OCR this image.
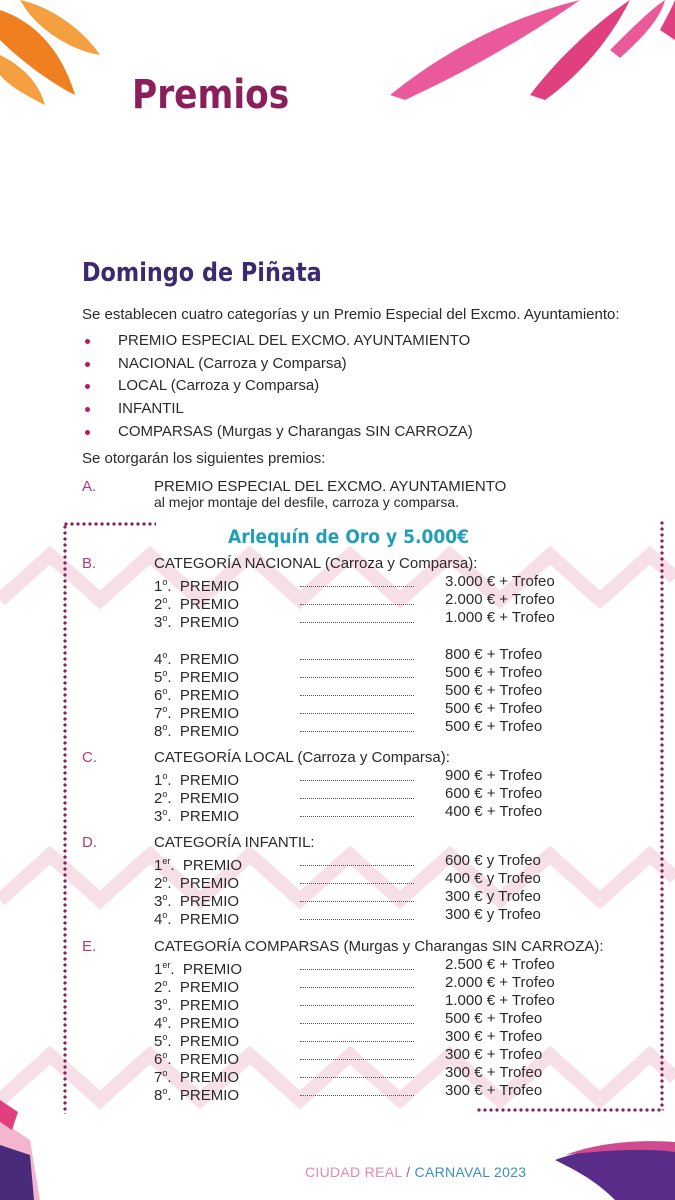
Premios
Domingo de Piñata
Se establecen cuatro categorías y un Premio Especial del Excmo. Ayuntamiento:
PREMIO ESPECIAL DEL EXCMO. AYUNTAMIENTO
NACIONAL (Carroza y Comparsa)
LOCAL (Carroza y Comparsa)
INFANTIL
COMPARSAS (Murgas y Charangas SIN CARROZA)
Se otorgarán los siguientes premios:
A.	PREMIO ESPECIAL DEL EXCMO. AYUNTAMIENTO
al mejor montaje del desfile, carroza y comparsa.
Arlequín de Oro y 5.000€
B.	CATEGORÍA NACIONAL (Carroza y Comparsa):
1$^o$.  PREMIO	3.000 € + Trofeo
2$^o$.  PREMIO	2.000 € + Trofeo
3$^o$.  PREMIO	1.000 € + Trofeo
4$^o$.  PREMIO	800 € + Trofeo
5$^o$.  PREMIO	500 € + Trofeo
6$^o$.  PREMIO	500 € + Trofeo
7$^o$.  PREMIO	500 € + Trofeo
8$^o$.  PREMIO	500 € + Trofeo
C.	CATEGORÍA LOCAL (Carroza y Comparsa):
1$^o$.  PREMIO	900 € + Trofeo
2$^o$.  PREMIO	600 € + Trofeo
3$^o$.  PREMIO	400 € + Trofeo
D.	CATEGORÍA INFANTIL:
1er.  PREMIO	600 € y Trofeo
2$^o$.  PREMIO	400 € y Trofeo
3$^o$.  PREMIO	300 € y Trofeo
4$^o$.  PREMIO	300 € y Trofeo
E.	CATEGORÍA COMPARSAS (Murgas y Charangas SIN CARROZA):
1er.  PREMIO	2.500 € + Trofeo
2$^o$.  PREMIO	2.000 € + Trofeo
3$^o$.  PREMIO	1.000 € + Trofeo
4$^o$.  PREMIO	500 € + Trofeo
5$^o$.  PREMIO	300 € + Trofeo
6$^o$.  PREMIO	300 € + Trofeo
7$^o$.  PREMIO	300 € + Trofeo
8$^o$.  PREMIO	300 € + Trofeo
CIUDAD REAL / CARNAVAL 2023
